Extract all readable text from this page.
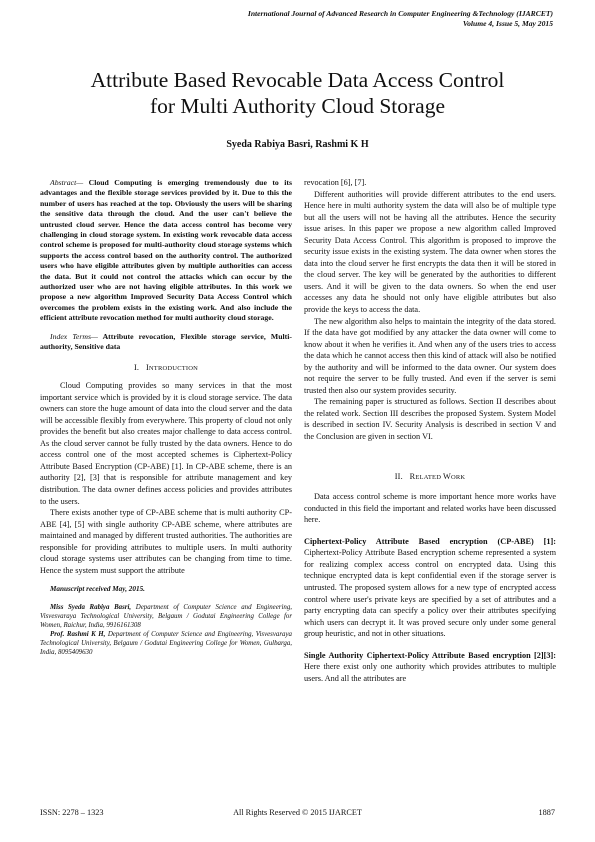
International Journal of Advanced Research in Computer Engineering &Technology (IJARCET)
Volume 4, Issue 5, May 2015
Attribute Based Revocable Data Access Control
for Multi Authority Cloud Storage
Syeda Rabiya Basri, Rashmi K H

Abstract— Cloud Computing is emerging tremendously due to its advantages and the flexible storage services provided by it. Due to this the number of users has reached at the top. Obviously the users will be sharing the sensitive data through the cloud. And the user can't believe the untrusted cloud server. Hence the data access control has become very challenging in cloud storage system. In existing work revocable data access control scheme is proposed for multi-authority cloud storage systems which supports the access control based on the authority control. The authorized users who have eligible attributes given by multiple authorities can access the data. But it could not control the attacks which can occur by the authorized user who are not having eligible attributes. In this work we propose a new algorithm Improved Security Data Access Control which overcomes the problem exists in the existing work. And also include the efficient attribute revocation method for multi authority cloud storage.

Index Terms— Attribute revocation, Flexible storage service, Multi-authority, Sensitive data

I. INTRODUCTION

Cloud Computing provides so many services in that the most important service which is provided by it is cloud storage service. The data owners can store the huge amount of data into the cloud server and the data will be accessible flexibly from everywhere. This property of cloud not only provides the benefit but also creates major challenge to data access control. As the cloud server cannot be fully trusted by the data owners. Hence to do access control one of the most accepted schemes is Ciphertext-Policy Attribute Based Encryption (CP-ABE) [1]. In CP-ABE scheme, there is an authority [2], [3] that is responsible for attribute management and key distribution. The data owner defines access policies and provides attributes to the users.

There exists another type of CP-ABE scheme that is multi authority CP-ABE [4], [5] with single authority CP-ABE scheme, where attributes are maintained and managed by different trusted authorities. The authorities are responsible for providing attributes to multiple users. In multi authority cloud storage systems user attributes can be changing from time to time. Hence the system must support the attribute

Manuscript received May, 2015.

Miss Syeda Rabiya Basri, Department of Computer Science and Engineering, Visvesvaraya Technological University, Belgaum / Godutai Engineering College for Women, Raichur, India, 9916161308

Prof. Rashmi K H, Department of Computer Science and Engineering, Visvesvaraya Technological University, Belgaum / Godutai Engineering College for Women, Gulbarga, India, 8095409630

revocation [6], [7].

Different authorities will provide different attributes to the end users. Hence here in multi authority system the data will also be of multiple type but all the users will not be having all the attributes. Hence the security issue arises. In this paper we propose a new algorithm called Improved Security Data Access Control. This algorithm is proposed to improve the security issue exists in the existing system. The data owner when stores the data into the cloud server he first encrypts the data then it will be stored in the cloud server. The key will be generated by the authorities to different users. And it will be given to the data owners. So when the end user accesses any data he should not only have eligible attributes but also provide the keys to access the data.

The new algorithm also helps to maintain the integrity of the data stored. If the data have got modified by any attacker the data owner will come to know about it when he verifies it. And when any of the users tries to access the data which he cannot access then this kind of attack will also be notified by the authority and will be informed to the data owner. Our system does not require the server to be fully trusted. And even if the server is semi trusted then also our system provides security.

The remaining paper is structured as follows. Section II describes about the related work. Section III describes the proposed System. System Model is described in section IV. Security Analysis is described in section V and the Conclusion are given in section VI.

II. RELATED WORK

Data access control scheme is more important hence more works have conducted in this field the important and related works have been discussed here.

Ciphertext-Policy Attribute Based encryption (CP-ABE) [1]: Ciphertext-Policy Attribute Based encryption scheme represented a system for realizing complex access control on encrypted data. Using this technique encrypted data is kept confidential even if the storage server is untrusted. The proposed system allows for a new type of encrypted access control where user's private keys are specified by a set of attributes and a party encrypting data can specify a policy over their attributes specifying which users can decrypt it. It was proved secure only under some general group heuristic, and not in other situations.

Single Authority Ciphertext-Policy Attribute Based encryption [2][3]: Here there exist only one authority which provides attributes to multiple users. And all the attributes are

ISSN: 2278 – 1323	All Rights Reserved © 2015 IJARCET	1887
